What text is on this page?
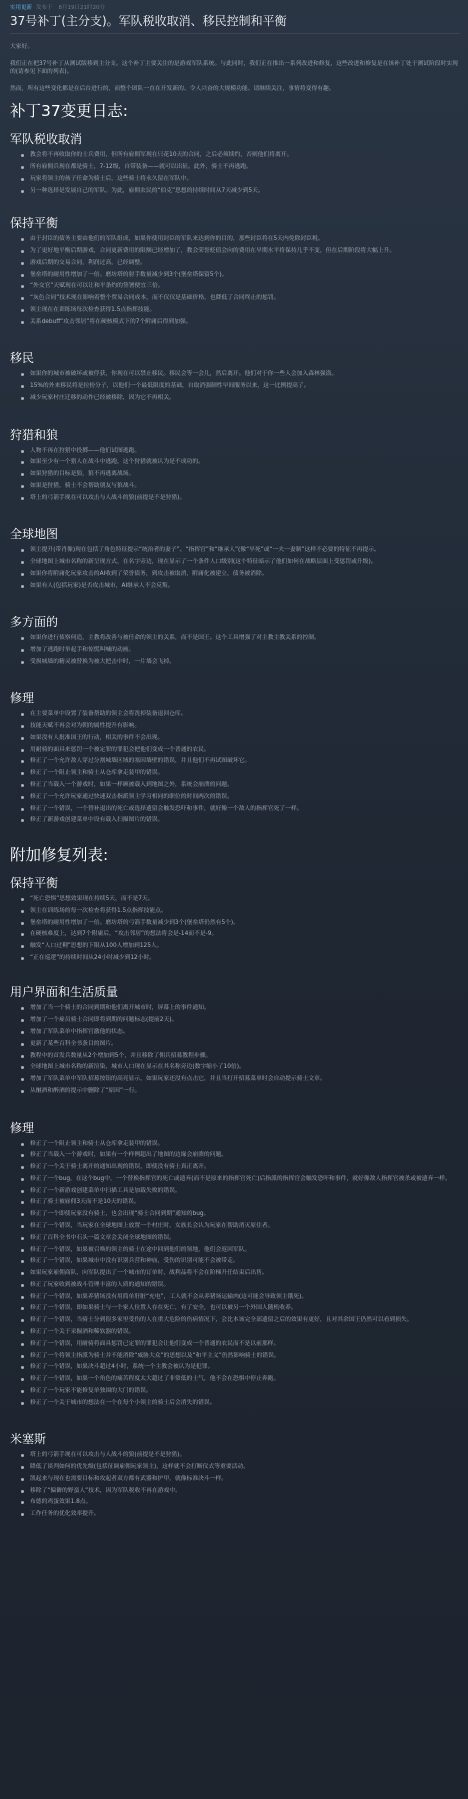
实用更新 发布于 8月19日21时20分
37号补丁(主分支)。军队税收取消、移民控制和平衡

大家好。

我们正在把37号补丁从测试版移到主分支。这个补丁主要关注的是游戏军队系统。与此同时，我们正在推出一系列改进和修复，这些改进和修复是在该补丁处于测试阶段时实现的(请参见下面的列表)。

然而，所有这些变化都是在后台进行的，而整个团队一直在开发新的、令人兴奋的大规模功能。请继续关注，事情将变得有趣。

补丁37变更日志:
军队税收取消
教会将不再收取你的士兵费用，但所有雇佣军现在只花10天的合同，之后必须续约，否则他们将离开。
所有雇佣兵现在都是骑士，7-12级，自带装备——就可以出征。此外，骑士不再逃跑。
玩家将领主的孩子任命为骑士后，这些骑士将永久留在军队中。
另一种选择是发展自己的军队。为此，雇佣农民的“伯克”思想的持续时间从7天减少到5天。
保持平衡
由于封臣的债务主要由他们的军队组成，如果你使用封臣的军队来达到你的目的，那些封臣将在5天内免除封臣税。
为了更好地平衡后期游戏，合同更新费用的限额已经增加了，教会荣誉贬值会向的费用在早期水平将保持几乎不变，但在后期阶段将大幅上升。
游戏后期的交易合同，利润过高，已经调整。
堡垒塔的耐用性增加了一倍。磨坊塔的射手数量减少到3个(堡垒塔保留5个)。
“外交官”天赋现在可以让和平条约的签署便宜三倍。
“灰色合同”技术现在影响着整个贸易合同成本，而不仅仅是基础价格，也降低了合同终止的惩罚。
领主现在在训练场每次检查获得1.5点指挥技能。
关系debuff“攻击邻居”将在硬核模式下的7个附庸后得到加强。
移民
如果你的城市被破坏或被俘获，你现在可以禁止移民。移民会等一会儿，然后离开。他们对于你一些人会加入森林强盗。
15%的外来移民将是拉扮分子，以他们一个最低限度的基础，自取消强制性早间服务以来，这一比例提高了。
减少玩家村庄迁移的动作已经被移除，因为它不再相关。
狩猎和狼
人物不再在狩猎中投掷——他们试图逃跑。
如果至少有一个猎人在战斗中逃跑，这个狩猎就被认为是不成功的。
如果狩猎的目标是狼，狼不再逃离战场。
如果是狩猎，骑士不会帮助朋友与狼战斗。
塔上的弓箭手现在可以攻击与人战斗的狼(前提是不是狩猎)。
全球地图
领主提升(带肖像)现在包括了角色特征提示“统治者的妻子”、“指挥官”和“继承人”(像“早死”或“一夫一妻制”这样不必要的特征不再提示。
全球地图上城市名称的新呈现方式，在名字旁边，现在显示了一个条件人口级别(这个特征暗示了他们如何在战略层面上受惩罚或升级)。
如果你将附庸化玩家攻击的AI收到了荣誉债务，到攻击被取消，附庸化被建立，债务被消除。
如果有人(包括玩家)是否攻击城市，AI继承人不会反叛。
多方面的
如果你进行侦察伺造，主教将改善与被任命的领主的关系，而不是国王。这个工具增强了对主教主教关系的控制。
增加了逃跑时举起手和惊慌叫喊的动画。
受损城墙的精灵被替换为被大把击中时，一片墙会飞掉。
修理
在主要菜单中设置了装备帮助的领主会将洗掉装备退回仓库。
技能天赋不再会对为朝的属性提升有影响。
如果没有人批准国王的行动，相关的事件不会出现。
用耐骑的面具来惩罚一个被定罪的罪犯会把他们变成一个普通的农民。
修正了一个允许敌人穿过分割城墙区域的塞因墙壁的错误，并且他们不再试图破坏它。
修正了一个阻止领主和骑士从仓库拿走装甲的错误。
修正了当载入一个游戏时，如果一样顾被载入到地图之外，系统会崩溃的问题。
修正了一个允许玩家通过快速双击指派领主学习相同的职位的时间两次的错误。
修正了一个错误，一个替补退出的死亡或选择遗留会触发恐吓和事件，就好像一个敌人的指挥官死了一样。
修正了新游戏创建菜单中设有载入扫描图片的错误。
附加修复列表:
保持平衡
“死亡恐惧”思想效果现在持续5天，而不是7天。
领主在训练场的每一次检查将获得1.5点指挥技能点。
堡垒塔的耐用性增加了一倍。磨坊塔的弓箭手数量减少到3个(堡垒塔仍然有5个)。
在硬核难度上，达到7个附庸后，“攻击邻居”的想法将会是-14而不是-9。
触发“人口过剩”思想的下限从100人增加到125人。
“正在巡逻”的持续时间从24小时减少到12小时。
用户界面和生活质量
增加了当一个骑士的合同到期和他们离开城市时，屏幕上的事件通知。
增加了一个雇员骑士合同即将到期的问题标志(提前2天)。
增加了军队菜单中指挥官激他的状态。
更新了某些百科全书条目的图片。
教程中的首发兵数量从2个增加到5个，并且移除了佣兵招募教程步骤。
全球地图上城市名称的新渲染，城市人口现在显示在其名称旁边(数字缩小了10倍)。
增加了军队菜单中军队招募按钮的高亮显示，如果玩家还没有点击它，并且当打开招募菜单时会自动提示骑士文章。
从酗酒和醉酒的提示中删除了“原因”一行。
修理
修正了一个阻止领主和骑士从仓库拿走装甲的错误。
修正了当载入一个游戏时，如果有一个样例超出了地图的边缘会崩溃的问题。
修正了一个关于骑士离开的通知出现的错误，即使没有骑士真正离开。
修正了一个bug，在这个bug中，一个替换指挥官的死亡或遗弃(而不是原来的指挥官死亡)后指派的指挥官会触发恐吓和事件，就好像敌人指挥官被杀或被遗弃一样。
修正了一个新游戏创建菜单中扫描工具是加载失败的错误。
修正了骑士被雇佣3天而不是10天的错误。
修正了一个即使玩家没有骑士，也会出现“骑士合同到期”通知的bug。
修正了一个错误，当玩家在全球地图上放置一个村庄时，女族长会认为玩家在帮助消灭原住者。
修正了百科全书中石头一篇文章会关闭全球地图的错误。
修正了一个错误，如果被召唤的领主的骑士在途中回到他们的领地，他们会返回军队。
修正了一个错误，如果城市中没有识别兵营和神庙，受伤的识别可能不会被带走。
如果玩家雇佣商队，向军队提出了一个城市的订单时，战利品将不会在阶梯升任结束后出售。
修正了玩家收到被战斗管理丰富的人质的通知的错误。
修正了一个错误，如果养猪场没有用简单肝脏“充电”，工人就不会从养猪场运输肉(这可能会导致领主饿死)。
修正了一个错误，即如果骑士与一个家人位置人存在死亡，有了安全，也可以被另一个外国人随机收养。
修正了一个错误，当骑士分到很多家里受伤的人在重大危险的伤病情况下，会比本该完全部遗留之后的效果有更好，且对其余国王仍然可以看到损失。
修正了一个关于采掘酒和稀软器的错误。
修正了一个错误，用耐骑将面具惩罚已定罪的罪犯会让他们变成一个普通的农民而不是以前那样。
修正了一个将领主指派为骑士并不能消除“威胁大众”的思想以及“和平主义”仍然影响骑士的错误。
修正了一个错误，如果决斗超过4小时，系统一个主教会被认为是犯罪。
修正了一个错误，如果一个角色的痛苦程度太大超过了非常低的士气，他不会在恐惧中停止奔跑。
修正了一个玩家不能修复单独围的大门的错误。
修正了一个关于城市的想法在一个在每个小领主的骑士后会消失的错误。
米塞斯
塔上的弓箭手现在可以攻击与人战斗的狼(前提是不是狩猎)。
降低了谈判如何的优先级(包括征调雇佣玩家领主)，这样就不会打断仪式等重要活动。
凯起来与现在也需要目标和攻起者双方都有武器和护甲，就像标准决斗一样。
移除了“偏僻的野蛮人”技术，因为军队税收不再在游戏中。
布德的鸡蛋效果1.8点。
工作任务的优化效率提升。
